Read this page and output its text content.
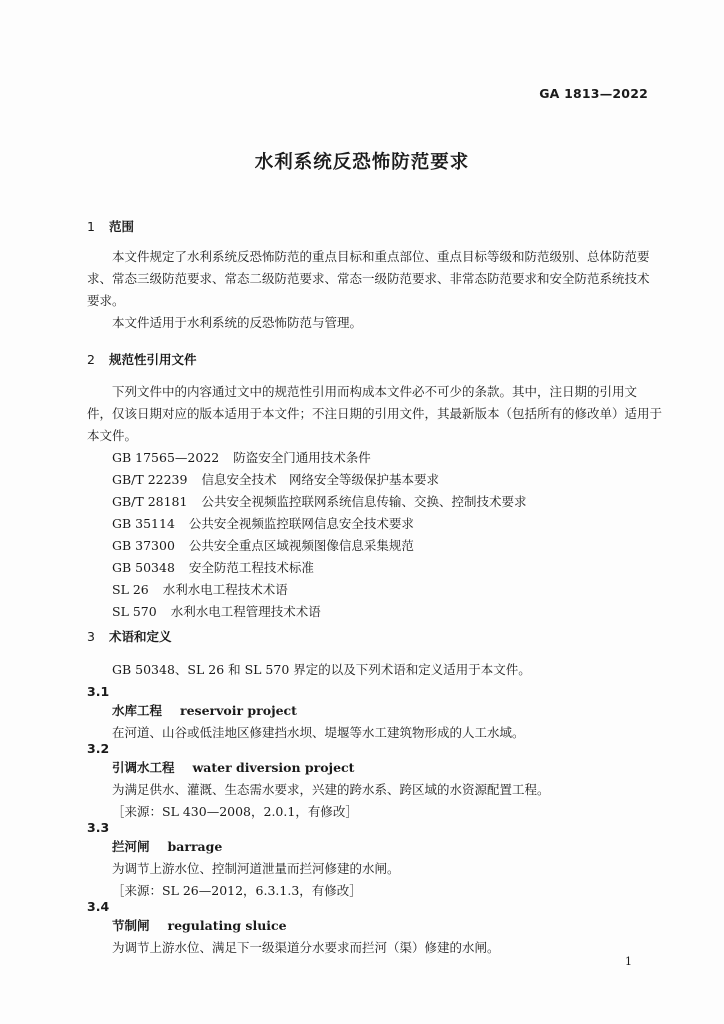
GA 1813—2022
水利系统反恐怖防范要求
1 范围
本文件规定了水利系统反恐怖防范的重点目标和重点部位、重点目标等级和防范级别、总体防范要
求、常态三级防范要求、常态二级防范要求、常态一级防范要求、非常态防范要求和安全防范系统技术
要求。
本文件适用于水利系统的反恐怖防范与管理。
2 规范性引用文件
下列文件中的内容通过文中的规范性引用而构成本文件必不可少的条款。其中，注日期的引用文
件，仅该日期对应的版本适用于本文件；不注日期的引用文件，其最新版本（包括所有的修改单）适用于
本文件。
GB 17565—2022 防盗安全门通用技术条件
GB/T 22239 信息安全技术　网络安全等级保护基本要求
GB/T 28181 公共安全视频监控联网系统信息传输、交换、控制技术要求
GB 35114 公共安全视频监控联网信息安全技术要求
GB 37300 公共安全重点区域视频图像信息采集规范
GB 50348 安全防范工程技术标准
SL 26 水利水电工程技术术语
SL 570 水利水电工程管理技术术语
3 术语和定义
GB 50348、SL 26 和 SL 570 界定的以及下列术语和定义适用于本文件。
3.1
水库工程 reservoir project
在河道、山谷或低洼地区修建挡水坝、堤堰等水工建筑物形成的人工水域。
3.2
引调水工程 water diversion project
为满足供水、灌溉、生态需水要求，兴建的跨水系、跨区域的水资源配置工程。
［来源：SL 430—2008，2.0.1，有修改］
3.3
拦河闸 barrage
为调节上游水位、控制河道泄量而拦河修建的水闸。
［来源：SL 26—2012，6.3.1.3，有修改］
3.4
节制闸 regulating sluice
为调节上游水位、满足下一级渠道分水要求而拦河（渠）修建的水闸。
1
